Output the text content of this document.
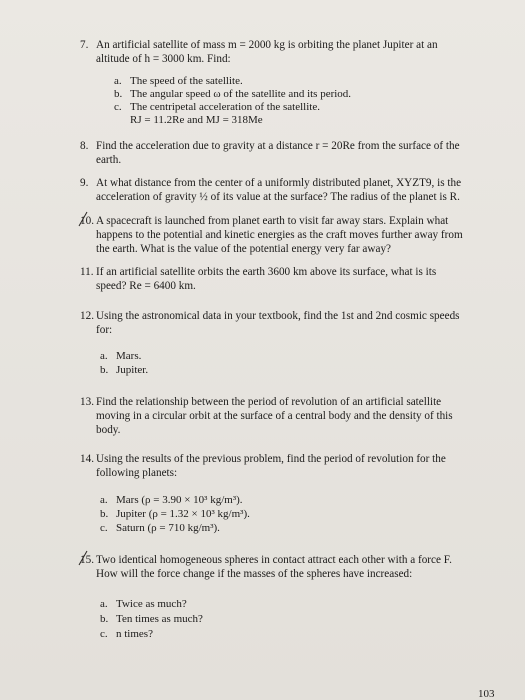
7. An artificial satellite of mass m = 2000 kg is orbiting the planet Jupiter at an
altitude of h = 3000 km. Find:
a. The speed of the satellite.
b. The angular speed ω of the satellite and its period.
c. The centripetal acceleration of the satellite.
RJ = 11.2Re and MJ = 318Me
8. Find the acceleration due to gravity at a distance r = 20Re from the surface of the
earth.
9. At what distance from the center of a uniformly distributed planet, XYZT9, is the
acceleration of gravity ½ of its value at the surface? The radius of the planet is R.
10. A spacecraft is launched from planet earth to visit far away stars. Explain what
happens to the potential and kinetic energies as the craft moves further away from
the earth. What is the value of the potential energy very far away?
11. If an artificial satellite orbits the earth 3600 km above its surface, what is its
speed? Re = 6400 km.
12. Using the astronomical data in your textbook, find the 1st and 2nd cosmic speeds
for:
a. Mars.
b. Jupiter.
13. Find the relationship between the period of revolution of an artificial satellite
moving in a circular orbit at the surface of a central body and the density of this
body.
14. Using the results of the previous problem, find the period of revolution for the
following planets:
a. Mars (ρ = 3.90 × 10³ kg/m³).
b. Jupiter (ρ = 1.32 × 10³ kg/m³).
c. Saturn (ρ = 710 kg/m³).
15. Two identical homogeneous spheres in contact attract each other with a force F.
How will the force change if the masses of the spheres have increased:
a. Twice as much?
b. Ten times as much?
c. n times?
103
